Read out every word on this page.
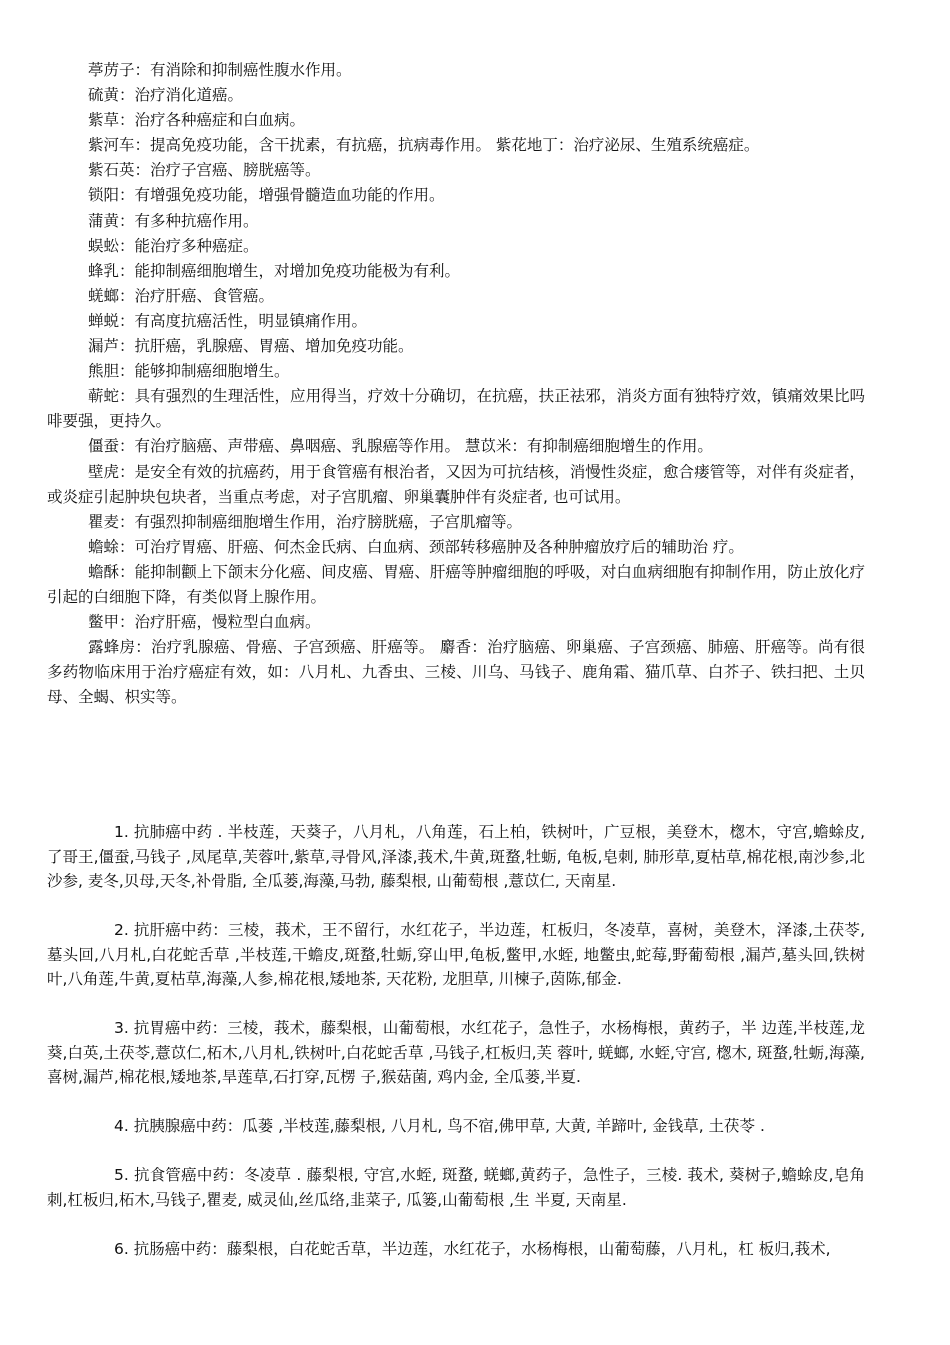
葶苈子：有消除和抑制癌性腹水作用。

硫黄：治疗消化道癌。

紫草：治疗各种癌症和白血病。

紫河车：提高免疫功能，含干扰素，有抗癌，抗病毒作用。 紫花地丁：治疗泌尿、生殖系统癌症。

紫石英：治疗子宫癌、膀胱癌等。

锁阳：有增强免疫功能，增强骨髓造血功能的作用。

蒲黄：有多种抗癌作用。

蜈蚣：能治疗多种癌症。

蜂乳：能抑制癌细胞增生，对增加免疫功能极为有利。

蜣螂：治疗肝癌、食管癌。

蝉蜕：有高度抗癌活性，明显镇痛作用。

漏芦：抗肝癌，乳腺癌、胃癌、增加免疫功能。

熊胆：能够抑制癌细胞增生。

蕲蛇：具有强烈的生理活性，应用得当，疗效十分确切，在抗癌，扶正祛邪，消炎方面有独特疗效，镇痛效果比吗啡要强，更持久。

僵蚕：有治疗脑癌、声带癌、鼻咽癌、乳腺癌等作用。 慧苡米：有抑制癌细胞增生的作用。

壁虎：是安全有效的抗癌药，用于食管癌有根治者，又因为可抗结核，消慢性炎症，愈合瘘管等，对伴有炎症者，或炎症引起肿块包块者，当重点考虑，对子宫肌瘤、卵巢囊肿伴有炎症者, 也可试用。

瞿麦：有强烈抑制癌细胞增生作用，治疗膀胱癌，子宫肌瘤等。

蟾蜍：可治疗胃癌、肝癌、何杰金氏病、白血病、颈部转移癌肿及各种肿瘤放疗后的辅助治 疗。

蟾酥：能抑制颧上下颌末分化癌、间皮癌、胃癌、肝癌等肿瘤细胞的呼吸，对白血病细胞有抑制作用，防止放化疗引起的白细胞下降，有类似肾上腺作用。

鳖甲：治疗肝癌，慢粒型白血病。

露蜂房：治疗乳腺癌、骨癌、子宫颈癌、肝癌等。 麝香：治疗脑癌、卵巢癌、子宫颈癌、肺癌、肝癌等。尚有很多药物临床用于治疗癌症有效，如：八月札、九香虫、三棱、川乌、马钱子、鹿角霜、猫爪草、白芥子、铁扫把、土贝母、全蝎、枳实等。

1. 抗肺癌中药 . 半枝莲，天葵子，八月札，八角莲，石上柏，铁树叶，广豆根，美登木，楤木，守宫,蟾蜍皮,了哥王,僵蚕,马钱子 ,凤尾草,芙蓉叶,紫草,寻骨风,泽漆,莪术,牛黄,斑蝥,牡蛎, 龟板,皂刺, 肺形草,夏枯草,棉花根,南沙参,北沙参, 麦冬,贝母,天冬,补骨脂, 全瓜蒌,海藻,马勃, 藤梨根, 山葡萄根 ,薏苡仁, 天南星.

2. 抗肝癌中药：三棱，莪术，王不留行，水红花子，半边莲，杠板归，冬凌草，喜树，美登木，泽漆,土茯苓,墓头回,八月札,白花蛇舌草 ,半枝莲,干蟾皮,斑蝥,牡蛎,穿山甲,龟板,鳖甲,水蛭, 地鳖虫,蛇莓,野葡萄根 ,漏芦,墓头回,铁树叶,八角莲,牛黄,夏枯草,海藻,人参,棉花根,矮地茶, 天花粉, 龙胆草, 川楝子,茵陈,郁金.

3. 抗胃癌中药：三棱，莪术，藤梨根，山葡萄根，水红花子，急性子，水杨梅根，黄药子，半 边莲,半枝莲,龙葵,白英,土茯苓,薏苡仁,柘木,八月札,铁树叶,白花蛇舌草 ,马钱子,杠板归,芙 蓉叶, 蜣螂, 水蛭,守宫, 楤木, 斑蝥,牡蛎,海藻,喜树,漏芦,棉花根,矮地茶,旱莲草,石打穿,瓦楞 子,猴菇菌, 鸡内金, 全瓜蒌,半夏.

4. 抗胰腺癌中药：瓜蒌 ,半枝莲,藤梨根, 八月札, 鸟不宿,佛甲草, 大黄, 羊蹄叶, 金钱草, 土茯苓 .

5. 抗食管癌中药：冬凌草 . 藤梨根, 守宫,水蛭, 斑蝥, 蜣螂,黄药子，急性子，三棱. 莪术, 葵树子,蟾蜍皮,皂角刺,杠板归,柘木,马钱子,瞿麦, 威灵仙,丝瓜络,韭菜子, 瓜篓,山葡萄根 ,生 半夏, 天南星.

6. 抗肠癌中药：藤梨根，白花蛇舌草，半边莲，水红花子，水杨梅根，山葡萄藤，八月札，杠 板归,莪术,
